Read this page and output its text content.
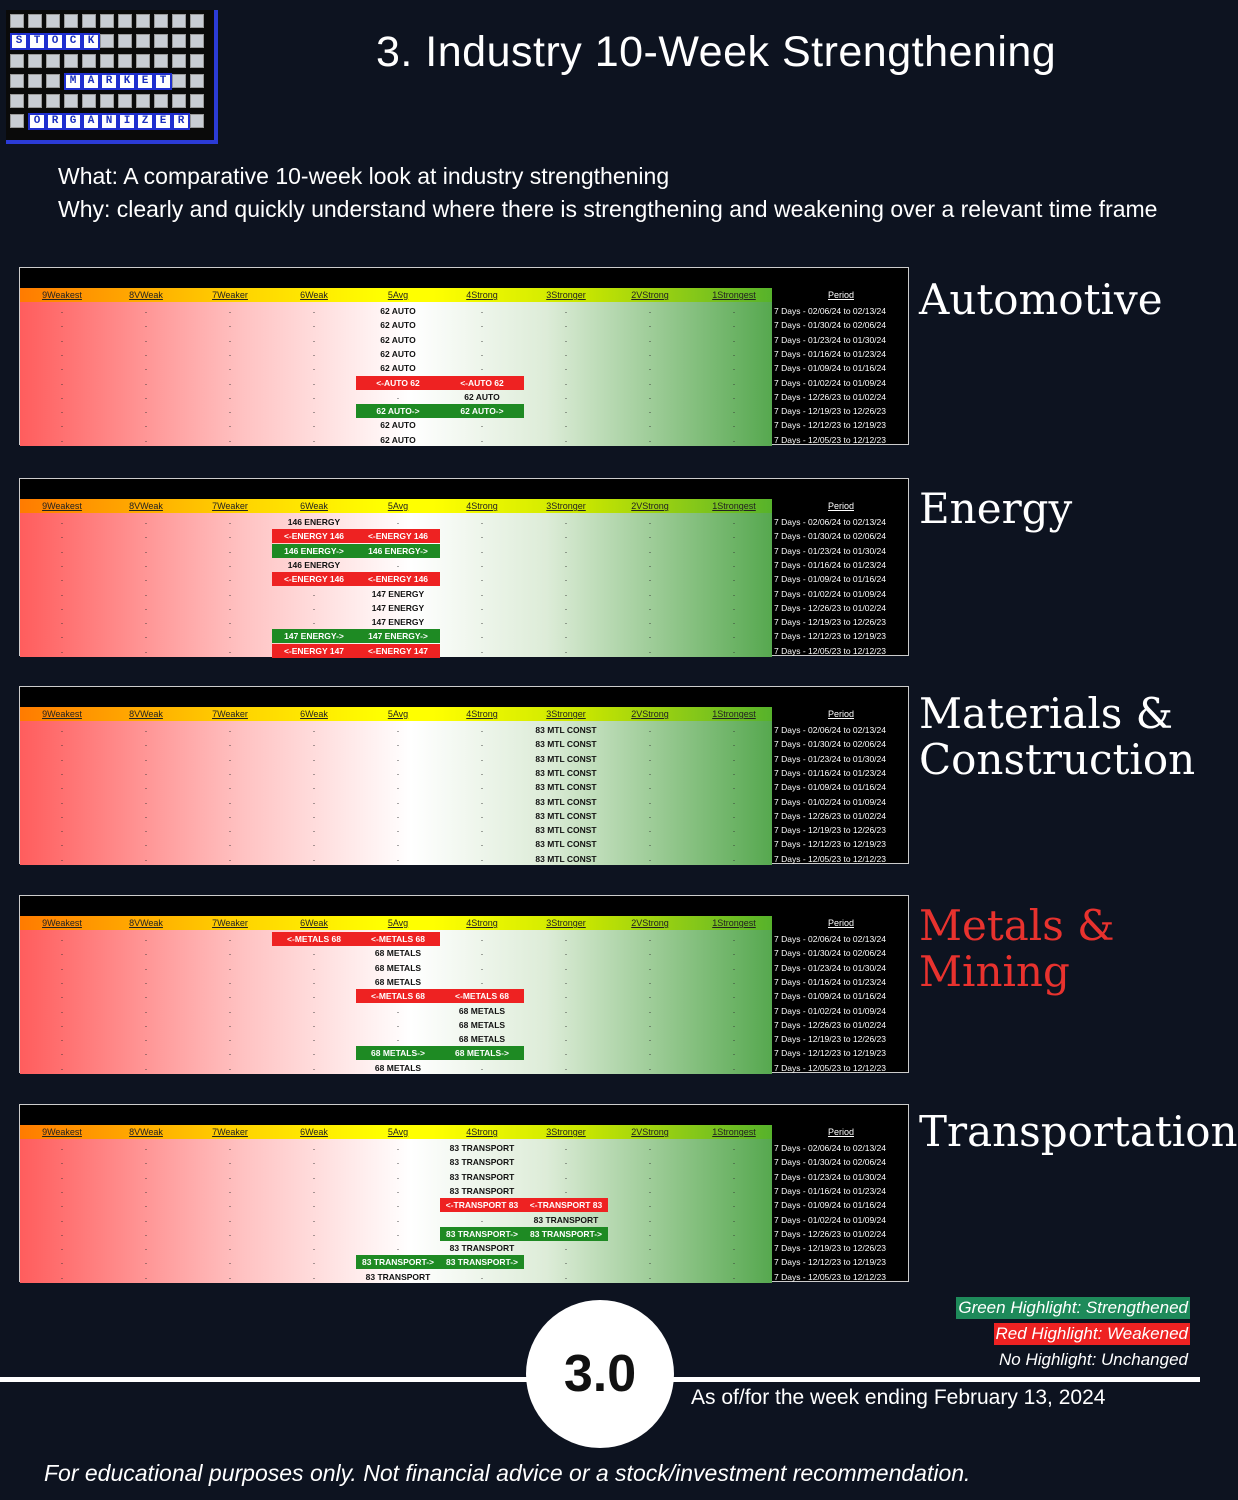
S	T	O	C	K
M	A	R	K	E	T
O	R	G	A	N	I	Z	E	R
3. Industry 10-Week Strengthening
What: A comparative 10-week look at industry strengthening
Why: clearly and quickly understand where there is strengthening and weakening over a relevant time frame
9Weakest	8VWeak	7Weaker	6Weak	5Avg	4Strong	3Stronger	2VStrong	1Strongest	Period
.	.	.	.	62 AUTO	.	.	.	.	7 Days - 02/06/24 to 02/13/24
.	.	.	.	62 AUTO	.	.	.	.	7 Days - 01/30/24 to 02/06/24
.	.	.	.	62 AUTO	.	.	.	.	7 Days - 01/23/24 to 01/30/24
.	.	.	.	62 AUTO	.	.	.	.	7 Days - 01/16/24 to 01/23/24
.	.	.	.	62 AUTO	.	.	.	.	7 Days - 01/09/24 to 01/16/24
.	.	.	.	<-AUTO 62	<-AUTO 62	.	.	.	7 Days - 01/02/24 to 01/09/24
.	.	.	.	.	62 AUTO	.	.	.	7 Days - 12/26/23 to 01/02/24
.	.	.	.	62 AUTO->	62 AUTO->	.	.	.	7 Days - 12/19/23 to 12/26/23
.	.	.	.	62 AUTO	.	.	.	.	7 Days - 12/12/23 to 12/19/23
.	.	.	.	62 AUTO	.	.	.	.	7 Days - 12/05/23 to 12/12/23
Automotive
9Weakest	8VWeak	7Weaker	6Weak	5Avg	4Strong	3Stronger	2VStrong	1Strongest	Period
.	.	.	146 ENERGY	.	.	.	.	.	7 Days - 02/06/24 to 02/13/24
.	.	.	<-ENERGY 146	<-ENERGY 146	.	.	.	.	7 Days - 01/30/24 to 02/06/24
.	.	.	146 ENERGY->	146 ENERGY->	.	.	.	.	7 Days - 01/23/24 to 01/30/24
.	.	.	146 ENERGY	.	.	.	.	.	7 Days - 01/16/24 to 01/23/24
.	.	.	<-ENERGY 146	<-ENERGY 146	.	.	.	.	7 Days - 01/09/24 to 01/16/24
.	.	.	.	147 ENERGY	.	.	.	.	7 Days - 01/02/24 to 01/09/24
.	.	.	.	147 ENERGY	.	.	.	.	7 Days - 12/26/23 to 01/02/24
.	.	.	.	147 ENERGY	.	.	.	.	7 Days - 12/19/23 to 12/26/23
.	.	.	147 ENERGY->	147 ENERGY->	.	.	.	.	7 Days - 12/12/23 to 12/19/23
.	.	.	<-ENERGY 147	<-ENERGY 147	.	.	.	.	7 Days - 12/05/23 to 12/12/23
Energy
9Weakest	8VWeak	7Weaker	6Weak	5Avg	4Strong	3Stronger	2VStrong	1Strongest	Period
.	.	.	.	.	.	83 MTL CONST	.	.	7 Days - 02/06/24 to 02/13/24
.	.	.	.	.	.	83 MTL CONST	.	.	7 Days - 01/30/24 to 02/06/24
.	.	.	.	.	.	83 MTL CONST	.	.	7 Days - 01/23/24 to 01/30/24
.	.	.	.	.	.	83 MTL CONST	.	.	7 Days - 01/16/24 to 01/23/24
.	.	.	.	.	.	83 MTL CONST	.	.	7 Days - 01/09/24 to 01/16/24
.	.	.	.	.	.	83 MTL CONST	.	.	7 Days - 01/02/24 to 01/09/24
.	.	.	.	.	.	83 MTL CONST	.	.	7 Days - 12/26/23 to 01/02/24
.	.	.	.	.	.	83 MTL CONST	.	.	7 Days - 12/19/23 to 12/26/23
.	.	.	.	.	.	83 MTL CONST	.	.	7 Days - 12/12/23 to 12/19/23
.	.	.	.	.	.	83 MTL CONST	.	.	7 Days - 12/05/23 to 12/12/23
Materials & Construction
9Weakest	8VWeak	7Weaker	6Weak	5Avg	4Strong	3Stronger	2VStrong	1Strongest	Period
.	.	.	<-METALS 68	<-METALS 68	.	.	.	.	7 Days - 02/06/24 to 02/13/24
.	.	.	.	68 METALS	.	.	.	.	7 Days - 01/30/24 to 02/06/24
.	.	.	.	68 METALS	.	.	.	.	7 Days - 01/23/24 to 01/30/24
.	.	.	.	68 METALS	.	.	.	.	7 Days - 01/16/24 to 01/23/24
.	.	.	.	<-METALS 68	<-METALS 68	.	.	.	7 Days - 01/09/24 to 01/16/24
.	.	.	.	.	68 METALS	.	.	.	7 Days - 01/02/24 to 01/09/24
.	.	.	.	.	68 METALS	.	.	.	7 Days - 12/26/23 to 01/02/24
.	.	.	.	.	68 METALS	.	.	.	7 Days - 12/19/23 to 12/26/23
.	.	.	.	68 METALS->	68 METALS->	.	.	.	7 Days - 12/12/23 to 12/19/23
.	.	.	.	68 METALS	.	.	.	.	7 Days - 12/05/23 to 12/12/23
Metals & Mining
9Weakest	8VWeak	7Weaker	6Weak	5Avg	4Strong	3Stronger	2VStrong	1Strongest	Period
.	.	.	.	.	83 TRANSPORT	.	.	.	7 Days - 02/06/24 to 02/13/24
.	.	.	.	.	83 TRANSPORT	.	.	.	7 Days - 01/30/24 to 02/06/24
.	.	.	.	.	83 TRANSPORT	.	.	.	7 Days - 01/23/24 to 01/30/24
.	.	.	.	.	83 TRANSPORT	.	.	.	7 Days - 01/16/24 to 01/23/24
.	.	.	.	.	<-TRANSPORT 83	<-TRANSPORT 83	.	.	7 Days - 01/09/24 to 01/16/24
.	.	.	.	.	.	83 TRANSPORT	.	.	7 Days - 01/02/24 to 01/09/24
.	.	.	.	.	83 TRANSPORT->	83 TRANSPORT->	.	.	7 Days - 12/26/23 to 01/02/24
.	.	.	.	.	83 TRANSPORT	.	.	.	7 Days - 12/19/23 to 12/26/23
.	.	.	.	83 TRANSPORT->	83 TRANSPORT->	.	.	.	7 Days - 12/12/23 to 12/19/23
.	.	.	.	83 TRANSPORT	.	.	.	.	7 Days - 12/05/23 to 12/12/23
Transportation
Green Highlight: Strengthened
Red Highlight: Weakened
No Highlight: Unchanged
3.0	As of/for the week ending February 13, 2024
For educational purposes only. Not financial advice or a stock/investment recommendation.
